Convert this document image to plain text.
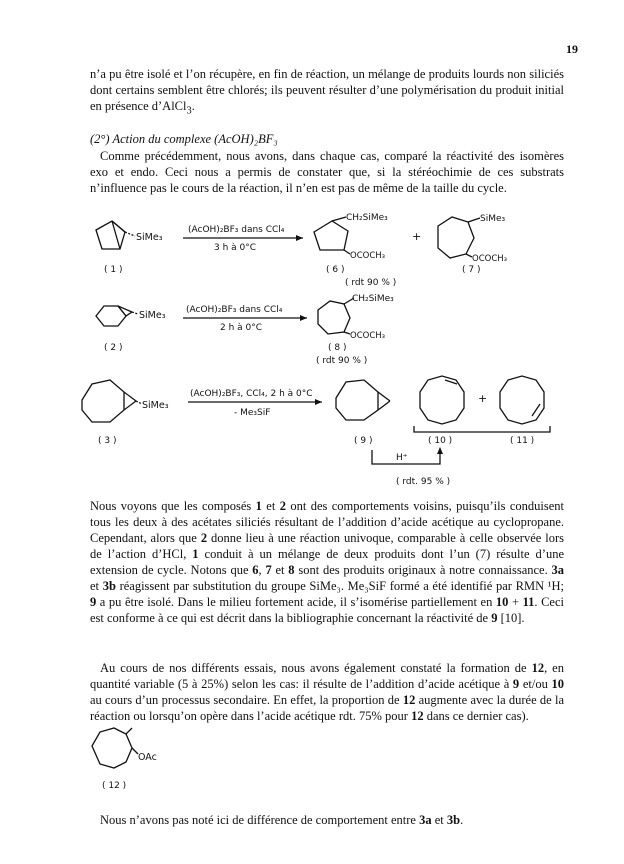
19
n’a pu être isolé et l’on récupère, en fin de réaction, un mélange de produits lourds non siliciés dont certains semblent être chlorés; ils peuvent résulter d’une polymérisation du produit initial en présence d’AlCl$_3$.
(2°) Action du complexe (AcOH)₂BF₃
Comme précédemment, nous avons, dans chaque cas, comparé la réactivité des isomères exo et endo. Ceci nous a permis de constater que, si la stéréochimie de ces substrats n’influence pas le cours de la réaction, il n’en est pas de même de la taille du cycle.
SiMe₃
( 1 )
(AcOH)₂BF₃ dans CCl₄
3 h à 0°C
CH₂SiMe₃
OCOCH₃
( 6 )
+
SiMe₃
OCOCH₃
( 7 )
( rdt 90 % )
SiMe₃
( 2 )
(AcOH)₂BF₃ dans CCl₄
2 h à 0°C
CH₂SiMe₃
OCOCH₃
( 8 )
( rdt 90 % )
SiMe₃
( 3 )
(AcOH)₂BF₃, CCl₄, 2 h à 0°C
- Me₃SiF
( 9 )	( 10 )
+
( 11 )
H⁺
( rdt. 95 % )
OAc
( 12 )
Nous voyons que les composés 1 et 2 ont des comportements voisins, puisqu’ils conduisent tous les deux à des acétates siliciés résultant de l’addition d’acide acétique au cyclopropane. Cependant, alors que 2 donne lieu à une réaction univoque, comparable à celle observée lors de l’action d’HCl, 1 conduit à un mélange de deux produits dont l’un (7) résulte d’une extension de cycle. Notons que 6, 7 et 8 sont des produits originaux à notre connaissance. 3a et 3b réagissent par substitution du groupe SiMe₃. Me₃SiF formé a été identifié par RMN ¹H; 9 a pu être isolé. Dans le milieu fortement acide, il s’isomérise partiellement en 10 + 11. Ceci est conforme à ce qui est décrit dans la bibliographie concernant la réactivité de 9 [10].
Au cours de nos différents essais, nous avons également constaté la formation de 12, en quantité variable (5 à 25%) selon les cas: il résulte de l’addition d’acide acétique à 9 et/ou 10 au cours d’un processus secondaire. En effet, la proportion de 12 augmente avec la durée de la réaction ou lorsqu’on opère dans l’acide acétique rdt. 75% pour 12 dans ce dernier cas).
Nous n’avons pas noté ici de différence de comportement entre 3a et 3b.
